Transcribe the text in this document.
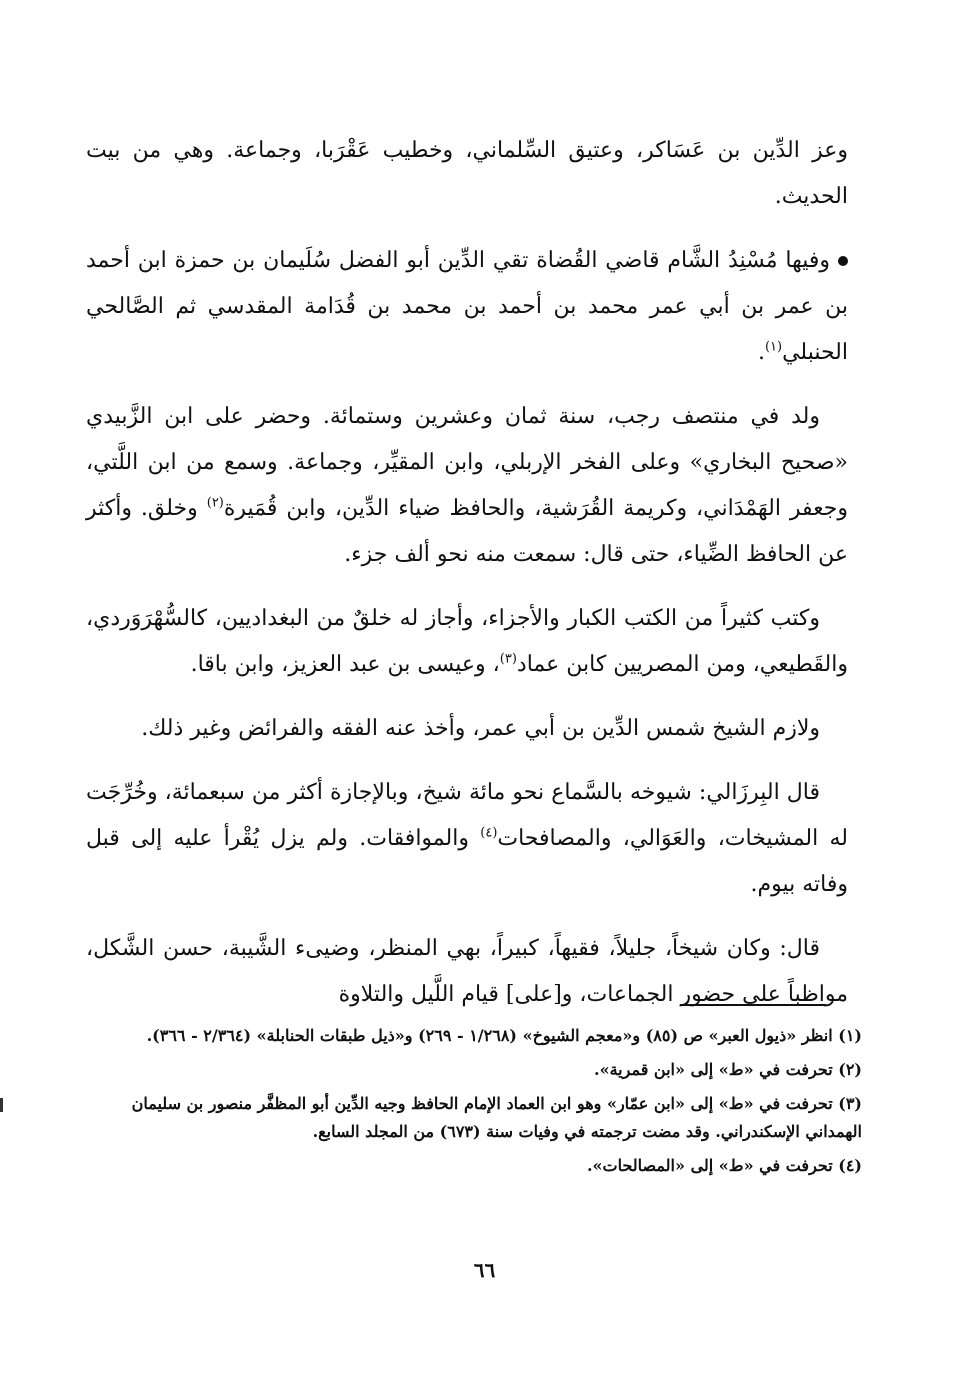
وعز الدِّين بن عَسَاكر، وعتيق السِّلماني، وخطيب عَقْرَبا، وجماعة. وهي من بيت الحديث.

وفيها مُسْنِدُ الشَّام قاضي القُضاة تقي الدِّين أبو الفضل سُلَيمان بن حمزة ابن أحمد بن عمر بن أبي عمر محمد بن أحمد بن محمد بن قُدَامة المقدسي ثم الصَّالحي الحنبلي$^{(١)}$.

ولد في منتصف رجب، سنة ثمان وعشرين وستمائة. وحضر على ابن الزَّبيدي «صحيح البخاري» وعلى الفخر الإربلي، وابن المقيِّر، وجماعة. وسمع من ابن اللَّتي، وجعفر الهَمْدَاني، وكريمة القُرَشية، والحافظ ضياء الدِّين، وابن قُمَيرة$^{(٢)}$ وخلق. وأكثر عن الحافظ الضِّياء، حتى قال: سمعت منه نحو ألف جزء.

وكتب كثيراً من الكتب الكبار والأجزاء، وأجاز له خلقٌ من البغداديين، كالسُّهْرَوَردي، والقَطيعي، ومن المصريين كابن عماد$^{(٣)}$، وعيسى بن عبد العزيز، وابن باقا.

ولازم الشيخ شمس الدِّين بن أبي عمر، وأخذ عنه الفقه والفرائض وغير ذلك.

قال البِرزَالي: شيوخه بالسَّماع نحو مائة شيخ، وبالإجازة أكثر من سبعمائة، وخُرِّجَت له المشيخات، والعَوَالي، والمصافحات$^{(٤)}$ والموافقات. ولم يزل يُقْرأ عليه إلى قبل وفاته بيوم.

قال: وكان شيخاً، جليلاً، فقيهاً، كبيراً، بهي المنظر، وضيىء الشَّيبة، حسن الشَّكل، مواظباً على حضور الجماعات، و[على] قيام اللَّيل والتلاوة

(١) انظر «ذيول العبر» ص (٨٥) و«معجم الشيوخ» (١/٢٦٨ - ٢٦٩) و«ذيل طبقات الحنابلة» (٢/٣٦٤ - ٣٦٦).

(٢) تحرفت في «ط» إلى «ابن قمرية».

(٣) تحرفت في «ط» إلى «ابن عمّار» وهو ابن العماد الإمام الحافظ وجيه الدِّين أبو المظفَّر منصور بن سليمان الهمداني الإسكندراني. وقد مضت ترجمته في وفيات سنة (٦٧٣) من المجلد السابع.

(٤) تحرفت في «ط» إلى «المصالحات».

٦٦
